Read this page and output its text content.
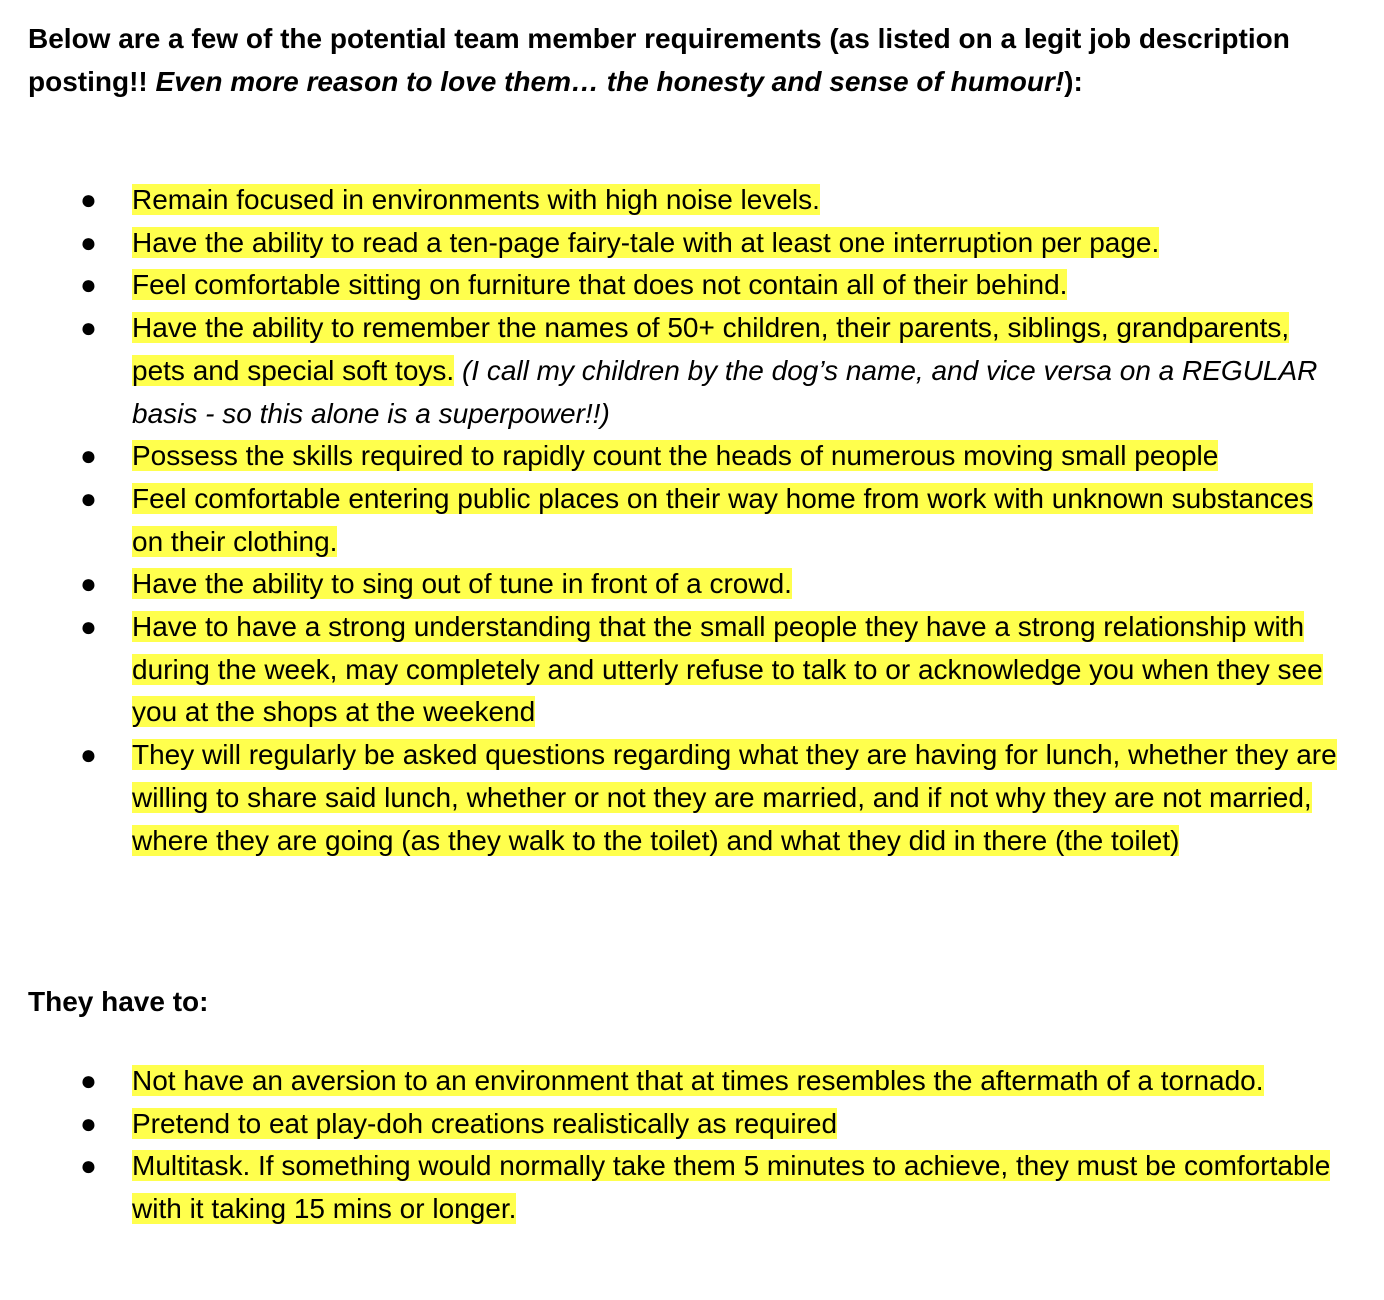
Below are a few of the potential team member requirements (as listed on a legit job description posting!! Even more reason to love them… the honesty and sense of humour!):

● Remain focused in environments with high noise levels.
● Have the ability to read a ten-page fairy-tale with at least one interruption per page.
● Feel comfortable sitting on furniture that does not contain all of their behind.
● Have the ability to remember the names of 50+ children, their parents, siblings, grandparents, pets and special soft toys. (I call my children by the dog’s name, and vice versa on a REGULAR basis - so this alone is a superpower!!)
● Possess the skills required to rapidly count the heads of numerous moving small people
● Feel comfortable entering public places on their way home from work with unknown substances on their clothing.
● Have the ability to sing out of tune in front of a crowd.
● Have to have a strong understanding that the small people they have a strong relationship with during the week, may completely and utterly refuse to talk to or acknowledge you when they see you at the shops at the weekend
● They will regularly be asked questions regarding what they are having for lunch, whether they are willing to share said lunch, whether or not they are married, and if not why they are not married, where they are going (as they walk to the toilet) and what they did in there (the toilet)

They have to:

● Not have an aversion to an environment that at times resembles the aftermath of a tornado.
● Pretend to eat play-doh creations realistically as required
● Multitask. If something would normally take them 5 minutes to achieve, they must be comfortable with it taking 15 mins or longer.
